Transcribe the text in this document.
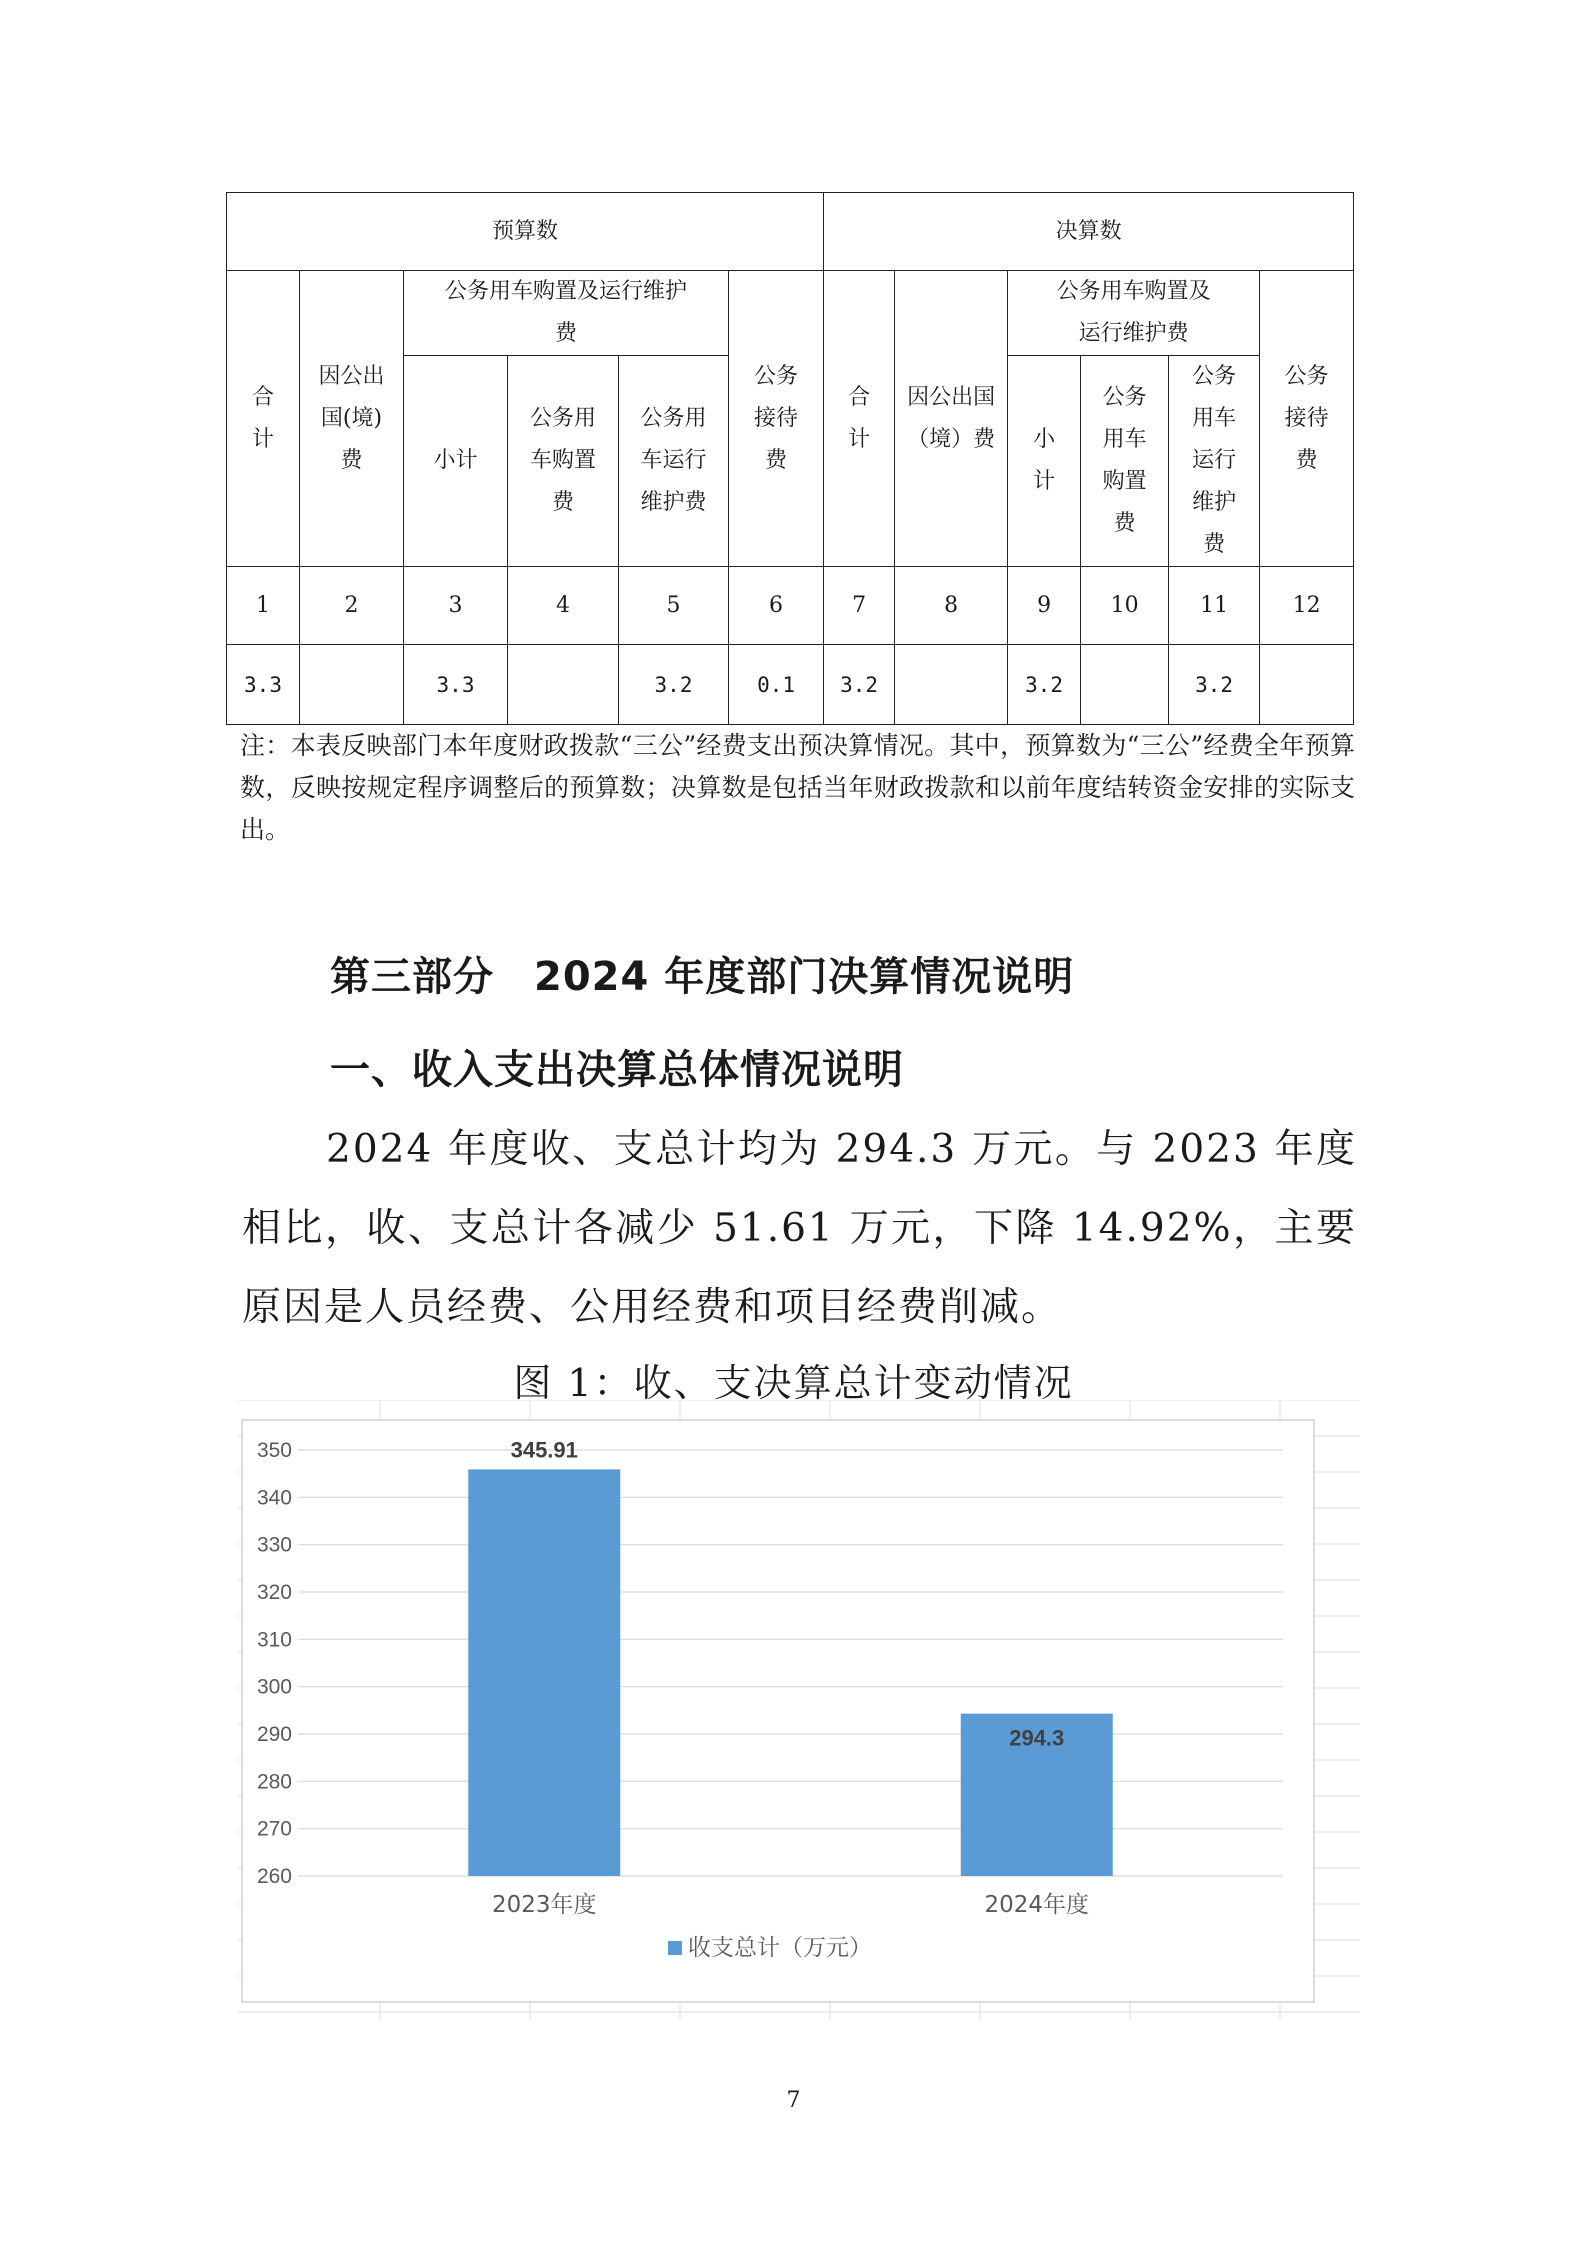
预算数						决算数					
合计	因公出国(境)费	公务用车购置及运行维护费			公务接待费	合计	因公出国（境）费	公务用车购置及运行维护费			公务接待费
		小计	公务用车购置费	公务用车运行维护费				小计	公务用车购置费	公务用车运行维护费	
1	2	3	4	5	6	7	8	9	10	11	12
3.3		3.3		3.2	0.1	3.2		3.2		3.2	
注：本表反映部门本年度财政拨款“三公”经费支出预决算情况。其中，预算数为“三公”经费全年预算数，反映按规定程序调整后的预算数；决算数是包括当年财政拨款和以前年度结转资金安排的实际支出。
第三部分 2024 年度部门决算情况说明
一、收入支出决算总体情况说明
2024 年度收、支总计均为 294.3 万元。与 2023 年度相比，收、支总计各减少 51.61 万元，下降 14.92%，主要原因是人员经费、公用经费和项目经费削减。
图 1：收、支决算总计变动情况
260
270
280
290
300
310
320
330
340
350	345.91
2023年度
294.3
2024年度
收支总计（万元）
7
